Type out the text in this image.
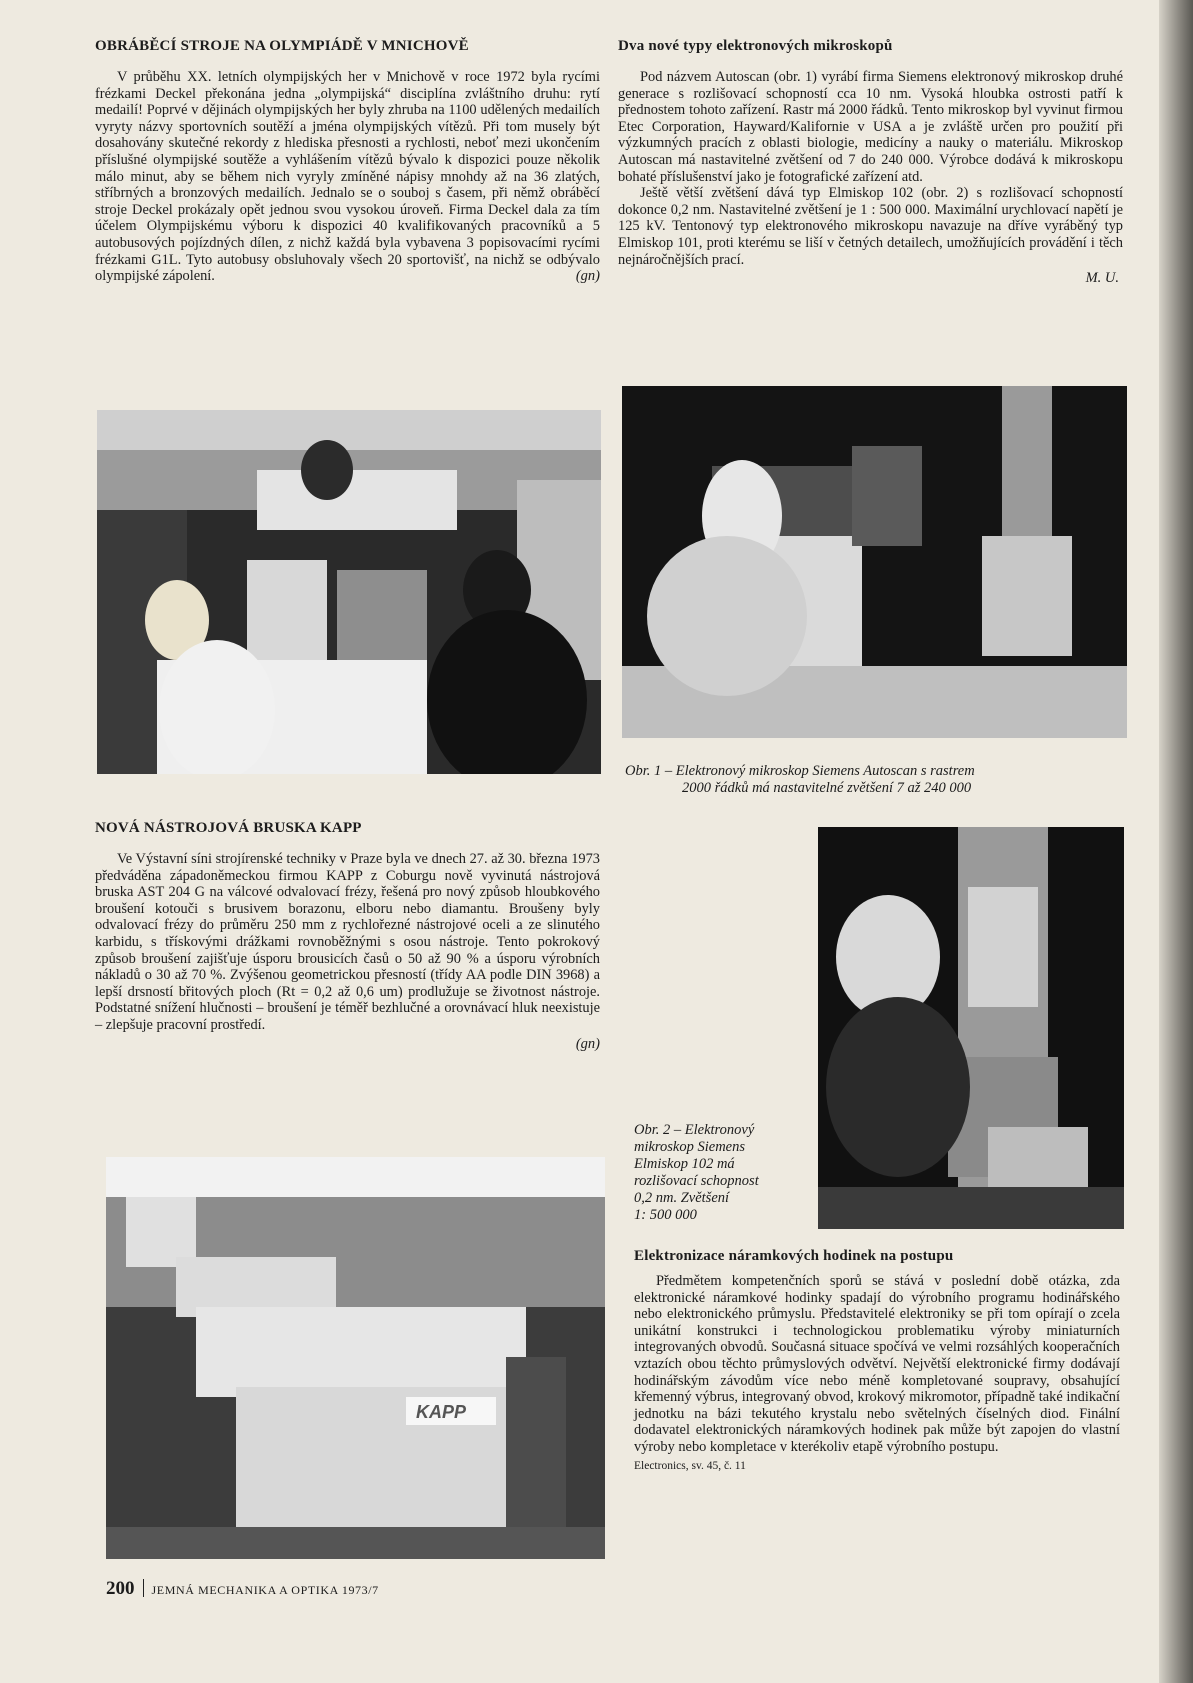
OBRÁBĚCÍ STROJE NA OLYMPIÁDĚ V MNICHOVĚ

V průběhu XX. letních olympijských her v Mnichově v roce 1972 byla rycími frézkami Deckel překonána jedna „olympijská“ disciplína zvláštního druhu: rytí medailí! Poprvé v dějinách olympijských her byly zhruba na 1100 udělených medailích vyryty názvy sportovních soutěží a jména olympijských vítězů. Při tom musely být dosahovány skutečné rekordy z hlediska přesnosti a rychlosti, neboť mezi ukončením příslušné olympijské soutěže a vyhlášením vítězů bývalo k dispozici pouze několik málo minut, aby se během nich vyryly zmíněné nápisy mnohdy až na 36 zlatých, stříbrných a bronzových medailích. Jednalo se o souboj s časem, při němž obráběcí stroje Deckel prokázaly opět jednou svou vysokou úroveň. Firma Deckel dala za tím účelem Olympijskému výboru k dispozici 40 kvalifikovaných pracovníků a 5 autobusových pojízdných dílen, z nichž každá byla vybavena 3 popisovacími rycími frézkami G1L. Tyto autobusy obsluhovaly všech 20 sportovišť, na nichž se odbývalo olympijské zápolení.	(gn)

Dva nové typy elektronových mikroskopů

Pod názvem Autoscan (obr. 1) vyrábí firma Siemens elektronový mikroskop druhé generace s rozlišovací schopností cca 10 nm. Vysoká hloubka ostrosti patří k přednostem tohoto zařízení. Rastr má 2000 řádků. Tento mikroskop byl vyvinut firmou Etec Corporation, Hayward/Kalifornie v USA a je zvláště určen pro použití při výzkumných pracích z oblasti biologie, medicíny a nauky o materiálu. Mikroskop Autoscan má nastavitelné zvětšení od 7 do 240 000. Výrobce dodává k mikroskopu bohaté příslušenství jako je fotografické zařízení atd.

Ještě větší zvětšení dává typ Elmiskop 102 (obr. 2) s rozlišovací schopností dokonce 0,2 nm. Nastavitelné zvětšení je 1 : 500 000. Maximální urychlovací napětí je 125 kV. Tentonový typ elektronového mikroskopu navazuje na dříve vyráběný typ Elmiskop 101, proti kterému se liší v četných detailech, umožňujících provádění i těch nejnáročnějších prací.

M. U.

Obr. 1 – Elektronový mikroskop Siemens Autoscan s rastrem

2000 řádků má nastavitelné zvětšení 7 až 240 000

NOVÁ NÁSTROJOVÁ BRUSKA KAPP

Ve Výstavní síni strojírenské techniky v Praze byla ve dnech 27. až 30. března 1973 předváděna západoněmeckou firmou KAPP z Coburgu nově vyvinutá nástrojová bruska AST 204 G na válcové odvalovací frézy, řešená pro nový způsob hloubkového broušení kotouči s brusivem borazonu, elboru nebo diamantu. Broušeny byly odvalovací frézy do průměru 250 mm z rychlořezné nástrojové oceli a ze slinutého karbidu, s třískovými drážkami rovnoběžnými s osou nástroje. Tento pokrokový způsob broušení zajišťuje úsporu brousicích časů o 50 až 90 % a úsporu výrobních nákladů o 30 až 70 %. Zvýšenou geometrickou přesností (třídy AA podle DIN 3968) a lepší drsností břitových ploch (Rt = 0,2 až 0,6 um) prodlužuje se životnost nástroje. Podstatné snížení hlučnosti – broušení je téměř bezhlučné a orovnávací hluk neexistuje – zlepšuje pracovní prostředí.

(gn)

Obr. 2 – Elektronový

mikroskop Siemens

Elmiskop 102 má

rozlišovací schopnost

0,2 nm. Zvětšení

1: 500 000

KAPP
Elektronizace náramkových hodinek na postupu

Předmětem kompetenčních sporů se stává v poslední době otázka, zda elektronické náramkové hodinky spadají do výrobního programu hodinářského nebo elektronického průmyslu. Představitelé elektroniky se při tom opírají o zcela unikátní konstrukci i technologickou problematiku výroby miniaturních integrovaných obvodů. Současná situace spočívá ve velmi rozsáhlých kooperačních vztazích obou těchto průmyslových odvětví. Největší elektronické firmy dodávají hodinářským závodům více nebo méně kompletované soupravy, obsahující křemenný výbrus, integrovaný obvod, krokový mikromotor, případně také indikační jednotku na bázi tekutého krystalu nebo světelných číselných diod. Finální dodavatel elektronických náramkových hodinek pak může být zapojen do vlastní výroby nebo kompletace v kterékoliv etapě výrobního postupu.

Electronics, sv. 45, č. 11

200 JEMNÁ MECHANIKA A OPTIKA 1973/7
